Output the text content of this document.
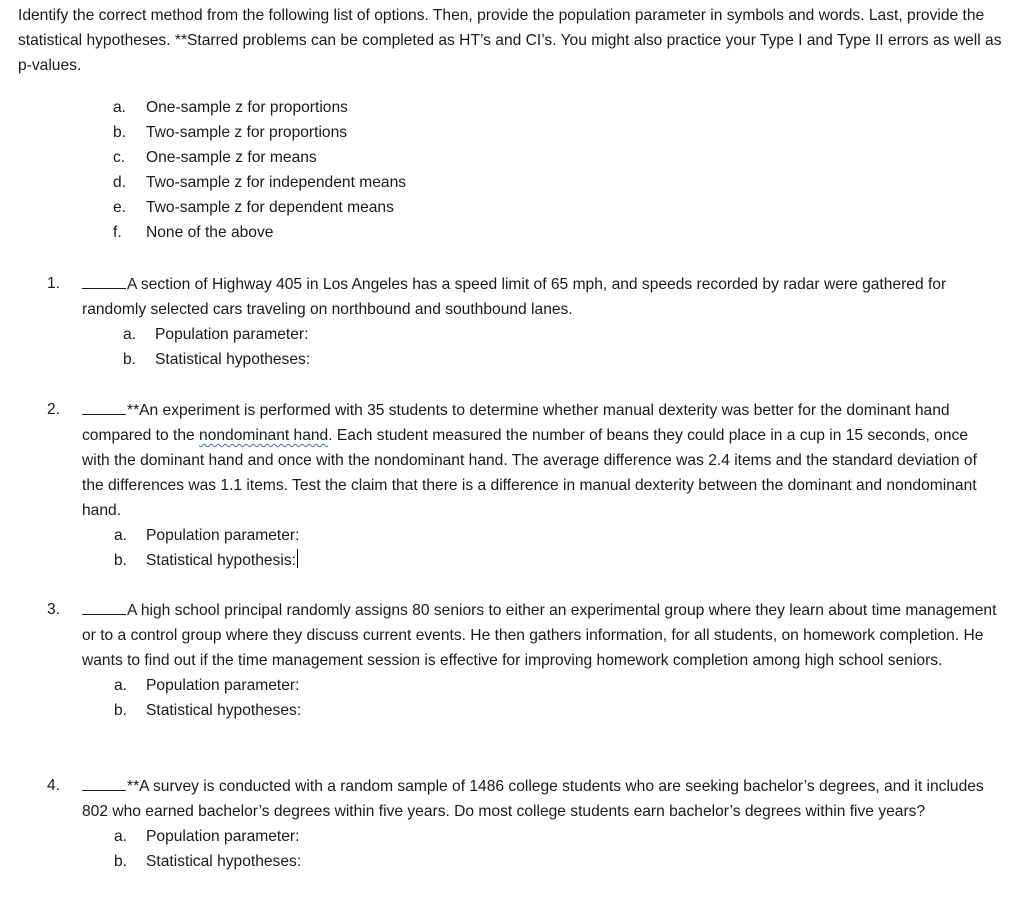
Identify the correct method from the following list of options. Then, provide the population parameter in symbols and words. Last, provide the statistical hypotheses. **Starred problems can be completed as HT’s and CI’s. You might also practice your Type I and Type II errors as well as p-values.
a.	One-sample z for proportions
b.	Two-sample z for proportions
c.	One-sample z for means
d.	Two-sample z for independent means
e.	Two-sample z for dependent means
f.	None of the above
1.	A section of Highway 405 in Los Angeles has a speed limit of 65 mph, and speeds recorded by radar were gathered for randomly selected cars traveling on northbound and southbound lanes.
a.	Population parameter:
b.	Statistical hypotheses:
2.	**An experiment is performed with 35 students to determine whether manual dexterity was better for the dominant hand compared to the nondominant hand. Each student measured the number of beans they could place in a cup in 15 seconds, once with the dominant hand and once with the nondominant hand. The average difference was 2.4 items and the standard deviation of the differences was 1.1 items. Test the claim that there is a difference in manual dexterity between the dominant and nondominant hand.
a.	Population parameter:
b.	Statistical hypothesis:
3.	A high school principal randomly assigns 80 seniors to either an experimental group where they learn about time management or to a control group where they discuss current events. He then gathers information, for all students, on homework completion. He wants to find out if the time management session is effective for improving homework completion among high school seniors.
a.	Population parameter:
b.	Statistical hypotheses:
4.	**A survey is conducted with a random sample of 1486 college students who are seeking bachelor’s degrees, and it includes 802 who earned bachelor’s degrees within five years. Do most college students earn bachelor’s degrees within five years?
a.	Population parameter:
b.	Statistical hypotheses:
